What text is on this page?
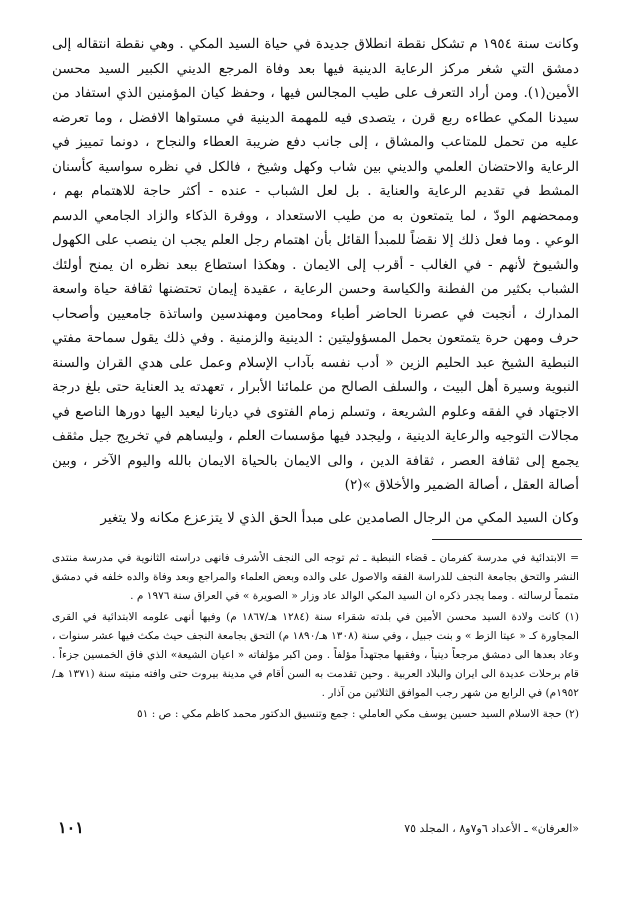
وكانت سنة ١٩٥٤ م تشكل نقطة انطلاق جديدة في حياة السيد المكي . وهي نقطة انتقاله إلى دمشق التي شغر مركز الرعاية الدينية فيها بعد وفاة المرجع الديني الكبير السيد محسن الأمين(١). ومن أراد التعرف على طيب المجالس فيها ، وحفظ كيان المؤمنين الذي استفاد من سيدنا المكي عطاءه ربع قرن ، يتصدى فيه للمهمة الدينية في مستواها الافضل ، وما تعرضه عليه من تحمل للمتاعب والمشاق ، إلى جانب دفع ضريبة العطاء والنجاح ، دونما تمييز في الرعاية والاحتضان العلمي والديني بين شاب وكهل وشيخ ، فالكل في نظره سواسية كأسنان المشط في تقديم الرعاية والعناية . بل لعل الشباب - عنده - أكثر حاجة للاهتمام بهم ، وممحضهم الودّ ، لما يتمتعون به من طيب الاستعداد ، ووفرة الذكاء والزاد الجامعي الدسم الوعي . وما فعل ذلك إلا نقضاً للمبدأ القائل بأن اهتمام رجل العلم يجب ان ينصب على الكهول والشيوخ لأنهم - في الغالب - أقرب إلى الايمان . وهكذا استطاع ببعد نظره ان يمنح أولئك الشباب بكثير من الفطنة والكياسة وحسن الرعاية ، عقيدة إيمان تحتضنها ثقافة حياة واسعة المدارك ، أنجبت في عصرنا الحاضر أطباء ومحامين ومهندسين واساتذة جامعيين وأصحاب حرف ومهن حرة يتمتعون بحمل المسؤوليتين : الدينية والزمنية . وفي ذلك يقول سماحة مفتي النبطية الشيخ عبد الحليم الزين « أدب نفسه بآداب الإسلام وعمل على هدي القران والسنة النبوية وسيرة أهل البيت ، والسلف الصالح من علمائنا الأبرار ، تعهدته يد العناية حتى بلغ درجة الاجتهاد في الفقه وعلوم الشريعة ، وتسلم زمام الفتوى في ديارنا ليعيد اليها دورها الناصع في مجالات التوجيه والرعاية الدينية ، وليجدد فيها مؤسسات العلم ، وليساهم في تخريج جيل مثقف يجمع إلى ثقافة العصر ، ثقافة الدين ، والى الايمان بالحياة الايمان بالله واليوم الآخر ، وبين أصالة العقل ، أصالة الضمير والأخلاق »(٢)

وكان السيد المكي من الرجال الصامدين على مبدأ الحق الذي لا يتزعزع مكانه ولا يتغير

= الابتدائية في مدرسة كفرمان ـ قضاء النبطية ـ ثم توجه الى النجف الأشرف فانهى دراسته الثانوية في مدرسة منتدى النشر والتحق بجامعة النجف للدراسة الفقه والاصول على والده وبعض العلماء والمراجع وبعد وفاة والده خلفه في دمشق متمماً لرسالته . ومما يجدر ذكره ان السيد المكي الوالد عاد وزار « الصويرة » في العراق سنة ١٩٧٦ م .

(١) كانت ولادة السيد محسن الأمين في بلدته شقراء سنة (١٢٨٤ هـ/١٨٦٧ م) وفيها أنهى علومه الابتدائية في القرى المجاورة كـ « عيتا الزط » و بنت جبيل ، وفي سنة (١٣٠٨ هـ/١٨٩٠ م) التحق بجامعة النجف حيث مكث فيها عشر سنوات ، وعاد بعدها الى دمشق مرجعاً دينياً ، وفقيها مجتهداً مؤلفاً . ومن اكبر مؤلفاته « اعيان الشيعة» الذي فاق الخمسين جزءاً . قام برحلات عديدة الى ايران والبلاد العربية . وحين تقدمت به السن أقام في مدينة بيروت حتى وافته منيته سنة (١٣٧١ هـ/١٩٥٢م) في الرابع من شهر رجب الموافق الثلاثين من آذار .

(٢) حجة الاسلام السيد حسين يوسف مكي العاملي : جمع وتنسيق الدكتور محمد كاظم مكي : ص : ٥١

«العرفان» ـ الأعداد ٦و٧و٨ ، المجلد ٧٥
١٠١
